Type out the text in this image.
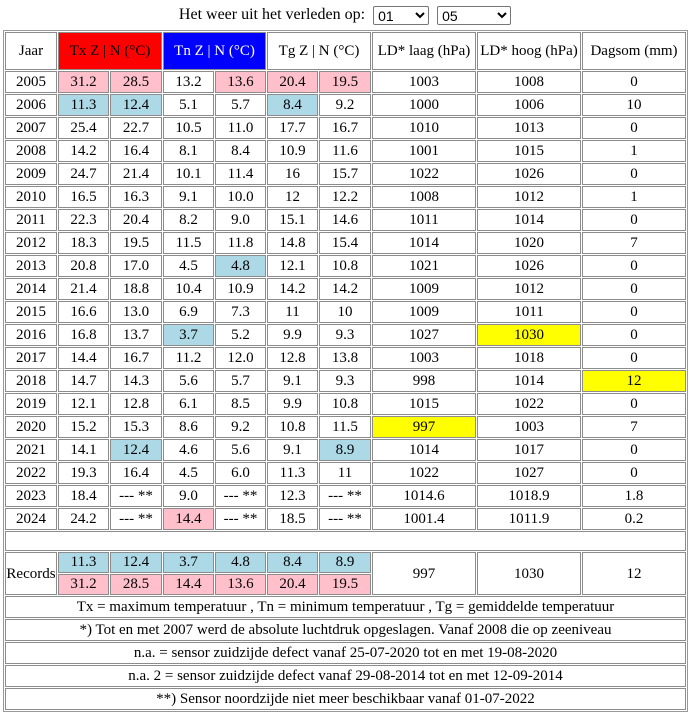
Het weer uit het verleden op:
01
05
Jaar	Tx Z | N (°C)		Tn Z | N (°C)		Tg Z | N (°C)		LD* laag (hPa)	LD* hoog (hPa)	Dagsom (mm)
2005	31.2	28.5	13.2	13.6	20.4	19.5	1003	1008	0
2006	11.3	12.4	5.1	5.7	8.4	9.2	1000	1006	10
2007	25.4	22.7	10.5	11.0	17.7	16.7	1010	1013	0
2008	14.2	16.4	8.1	8.4	10.9	11.6	1001	1015	1
2009	24.7	21.4	10.1	11.4	16	15.7	1022	1026	0
2010	16.5	16.3	9.1	10.0	12	12.2	1008	1012	1
2011	22.3	20.4	8.2	9.0	15.1	14.6	1011	1014	0
2012	18.3	19.5	11.5	11.8	14.8	15.4	1014	1020	7
2013	20.8	17.0	4.5	4.8	12.1	10.8	1021	1026	0
2014	21.4	18.8	10.4	10.9	14.2	14.2	1009	1012	0
2015	16.6	13.0	6.9	7.3	11	10	1009	1011	0
2016	16.8	13.7	3.7	5.2	9.9	9.3	1027	1030	0
2017	14.4	16.7	11.2	12.0	12.8	13.8	1003	1018	0
2018	14.7	14.3	5.6	5.7	9.1	9.3	998	1014	12
2019	12.1	12.8	6.1	8.5	9.9	10.8	1015	1022	0
2020	15.2	15.3	8.6	9.2	10.8	11.5	997	1003	7
2021	14.1	12.4	4.6	5.6	9.1	8.9	1014	1017	0
2022	19.3	16.4	4.5	6.0	11.3	11	1022	1027	0
2023	18.4	--- **	9.0	--- **	12.3	--- **	1014.6	1018.9	1.8
2024	24.2	--- **	14.4	--- **	18.5	--- **	1001.4	1011.9	0.2

Records	11.3	12.4	3.7	4.8	8.4	8.9	997	1030	12
	31.2	28.5	14.4	13.6	20.4	19.5			
Tx = maximum temperatuur , Tn = minimum temperatuur , Tg = gemiddelde temperatuur									
*) Tot en met 2007 werd de absolute luchtdruk opgeslagen. Vanaf 2008 die op zeeniveau									
n.a. = sensor zuidzijde defect vanaf 25-07-2020 tot en met 19-08-2020									
n.a. 2 = sensor zuidzijde defect vanaf 29-08-2014 tot en met 12-09-2014									
**) Sensor noordzijde niet meer beschikbaar vanaf 01-07-2022									
